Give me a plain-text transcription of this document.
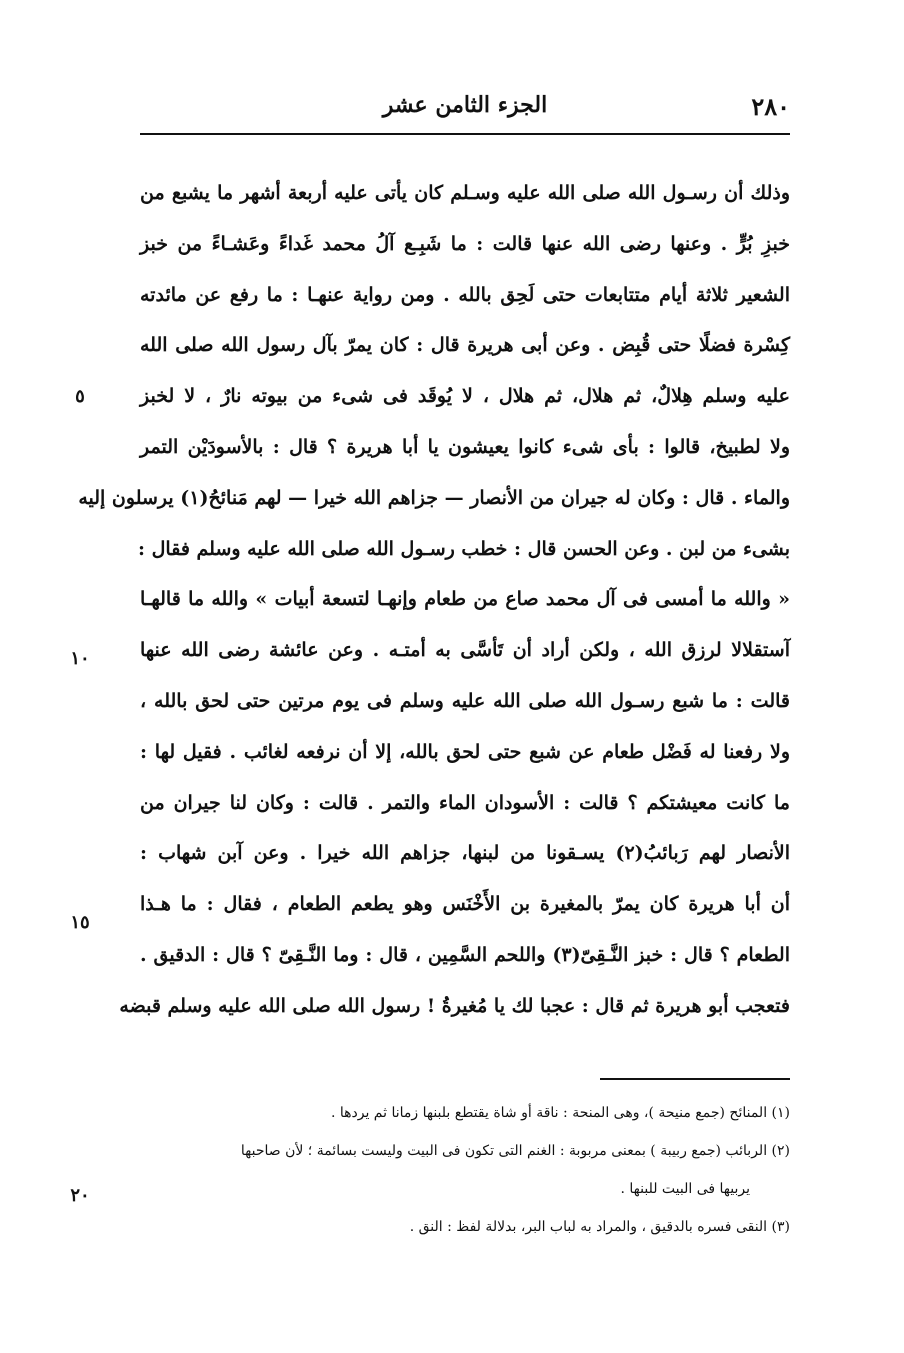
٢٨٠
الجزء الثامن عشر
وذلك أن رسـول الله صلى الله عليه وسـلم كان يأتى عليه أربعة أشهر ما يشبع من
خبزِ بُرٍّ . وعنها رضى الله عنها قالت : ما شَبِـع آلُ محمد غَداءً وعَشـاءً من خبز
الشعير ثلاثة أيام متتابعات حتى لَحِق بالله . ومن رواية عنهـا : ما رفع عن مائدته
كِسْرة فضلًا حتى قُبِض . وعن أبى هريرة قال : كان يمرّ بآل رسول الله صلى الله
عليه وسلم هِلالٌ، ثم هلال، ثم هلال ، لا يُوقَد فى شىء من بيوته نارٌ ، لا لخبز
ولا لطبيخ، قالوا : بأى شىء كانوا يعيشون يا أبا هريرة ؟ قال : بالأسودَيْن التمر
والماء . قال : وكان له جيران من الأنصار — جزاهم الله خيرا — لهم مَنائحُ(١) يرسلون إليه
بشىء من لبن . وعن الحسن قال : خطب رسـول الله صلى الله عليه وسلم فقال :
« والله ما أمسى فى آل محمد صاع من طعام وإنهـا لتسعة أبيات » والله ما قالهـا
آستقلالا لرزق الله ، ولكن أراد أن تَأسَّى به أمتـه . وعن عائشة رضى الله عنها
قالت : ما شبع رسـول الله صلى الله عليه وسلم فى يوم مرتين حتى لحق بالله ،
ولا رفعنا له فَضْل طعام عن شبع حتى لحق بالله، إلا أن نرفعه لغائب . فقيل لها :
ما كانت معيشتكم ؟ قالت : الأسودان الماء والتمر . قالت : وكان لنا جيران من
الأنصار لهم رَبائبُ(٢) يسـقونا من لبنها، جزاهم الله خيرا . وعن آبن شهاب :
أن أبا هريرة كان يمرّ بالمغيرة بن الأَخْنَس وهو يطعم الطعام ، فقال : ما هـذا
الطعام ؟ قال : خبز النَّـقِىّ(٣) واللحم السَّمِين ، قال : وما النَّـقِىّ ؟ قال : الدقيق .
فتعجب أبو هريرة ثم قال : عجبا لك يا مُغيرةُ ! رسول الله صلى الله عليه وسلم قبضه
٥
١٠
١٥
٢٠
(١) المنائح (جمع منيحة )، وهى المنحة : ناقة أو شاة يقتطع بلبنها زمانا ثم يردها .
(٢) الربائب (جمع ربيبة ) بمعنى مربوبة : الغنم التى تكون فى البيت وليست بسائمة ؛ لأن صاحبها
يربيها فى البيت للبنها .
(٣) النقى فسره بالدقيق ، والمراد به لباب البر، بدلالة لفظ : النق .
